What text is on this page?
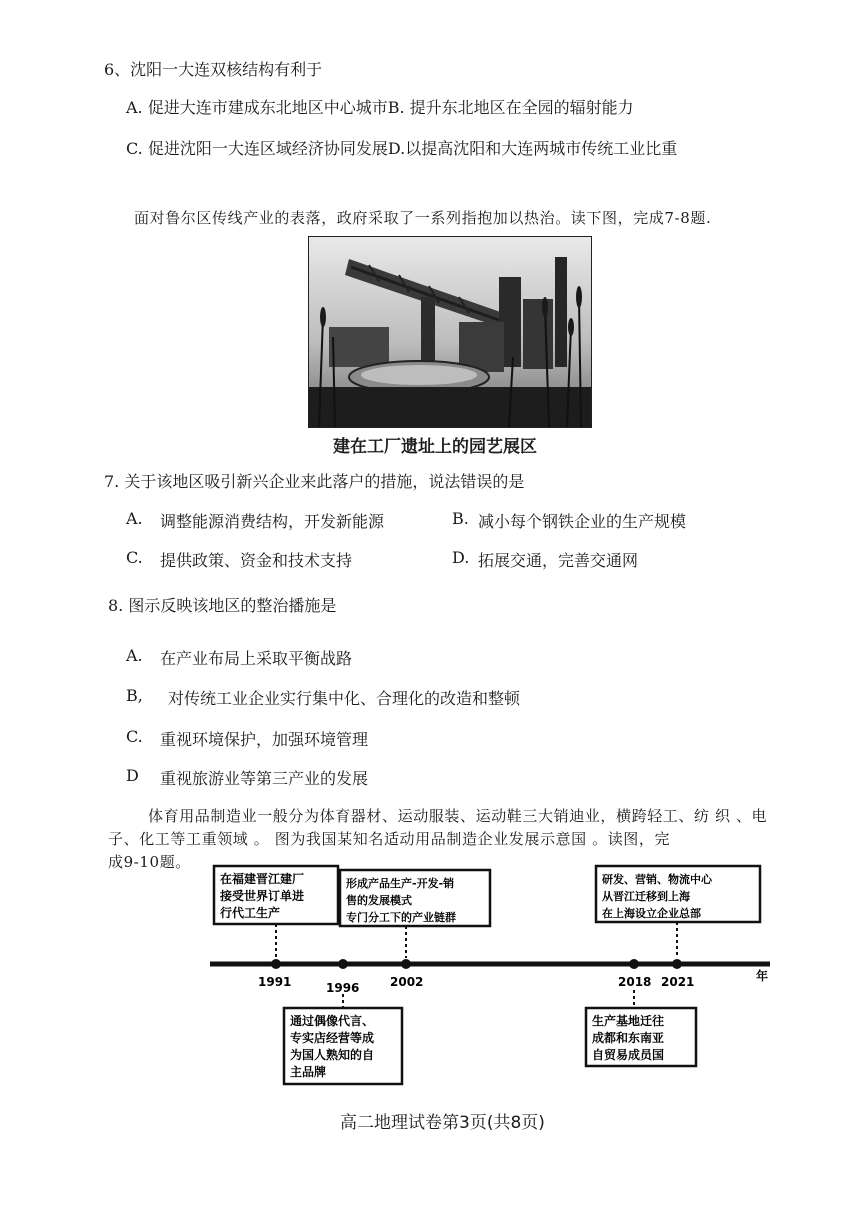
6、沈阳一大连双核结构有利于
A. 促进大连市建成东北地区中心城市B. 提升东北地区在全园的辐射能力
C. 促进沈阳一大连区域经济协同发展D.以提高沈阳和大连两城市传统工业比重
面对鲁尔区传线产业的表落，政府采取了一系列指抱加以热治。读下图，完成7-8题.
建在工厂遗址上的园艺展区
7. 关于该地区吸引新兴企业来此落户的措施，说法错误的是
A. 调整能源消费结构，开发新能源	B. 减小每个钢铁企业的生产规模
C. 提供政策、资金和技术支持	D. 拓展交通，完善交通网
8. 图示反映该地区的整治播施是
A. 在产业布局上采取平衡战路
B, 对传统工业企业实行集中化、合理化的改造和整顿
C. 重视环境保护，加强环境管理
D 重视旅游业等第三产业的发展
体育用品制造业一般分为体育器材、运动服装、运动鞋三大销迪业，横跨轻工、纺 织 、电
子、化工等工重领域 。 图为我国某知名适动用品制造企业发展示意国 。读图，完
成9-10题。
年
1991	1996	2002	2018 2021
在福建晋江建厂
接受世界订单进
行代工生产
形成产品生产-开发-销
售的发展模式
专门分工下的产业链群
研发、营销、物流中心
从晋江迁移到上海
在上海设立企业总部
通过偶像代言、
专实店经营等成
为国人熟知的自
主品牌
生产基地迁往
成都和东南亚
自贸易成员国
高二地理试卷第3页(共8页)
